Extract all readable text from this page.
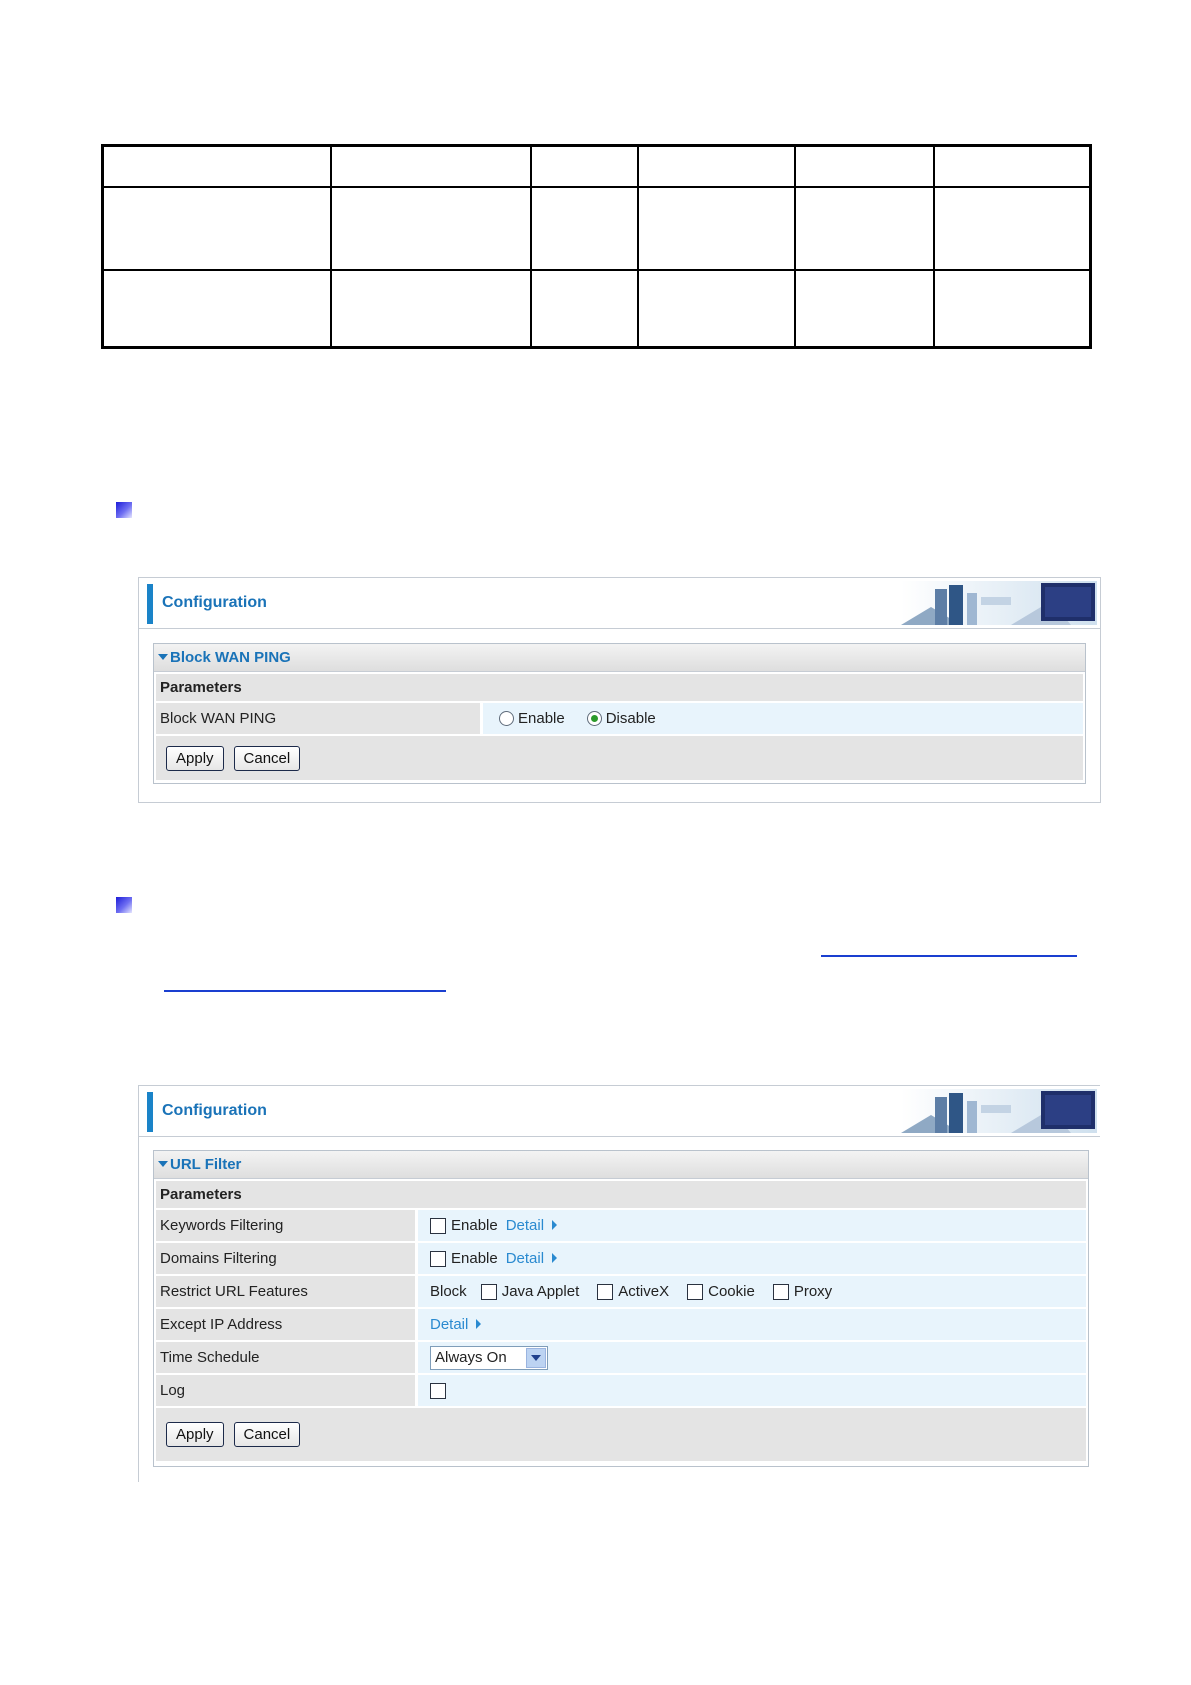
Configuration
Block WAN PING
Parameters
Block WAN PING	Enable	Disable
Apply	Cancel
Configuration
URL Filter
Parameters
Keywords Filtering	Enable Detail
Domains Filtering	Enable Detail
Restrict URL Features	Block Java Applet	ActiveX	Cookie	Proxy
Except IP Address	Detail
Time Schedule	Always On
Log
Apply	Cancel
